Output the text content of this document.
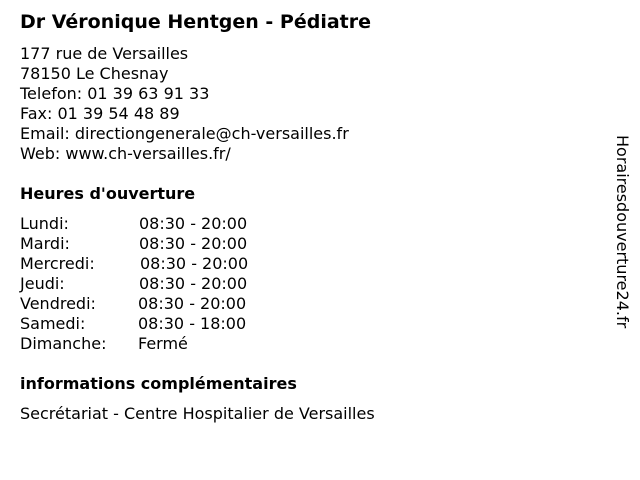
Dr Véronique Hentgen - Pédiatre
177 rue de Versailles
78150 Le Chesnay
Telefon: 01 39 63 91 33
Fax: 01 39 54 48 89
Email: directiongenerale@ch-versailles.fr
Web: www.ch-versailles.fr/
Heures d'ouverture
Lundi:	08:30 - 20:00
Mardi:	08:30 - 20:00
Mercredi:	08:30 - 20:00
Jeudi:	08:30 - 20:00
Vendredi:	08:30 - 20:00
Samedi:	08:30 - 18:00
Dimanche: Fermé
informations complémentaires
Secrétariat - Centre Hospitalier de Versailles
Horairesdouverture24.fr
